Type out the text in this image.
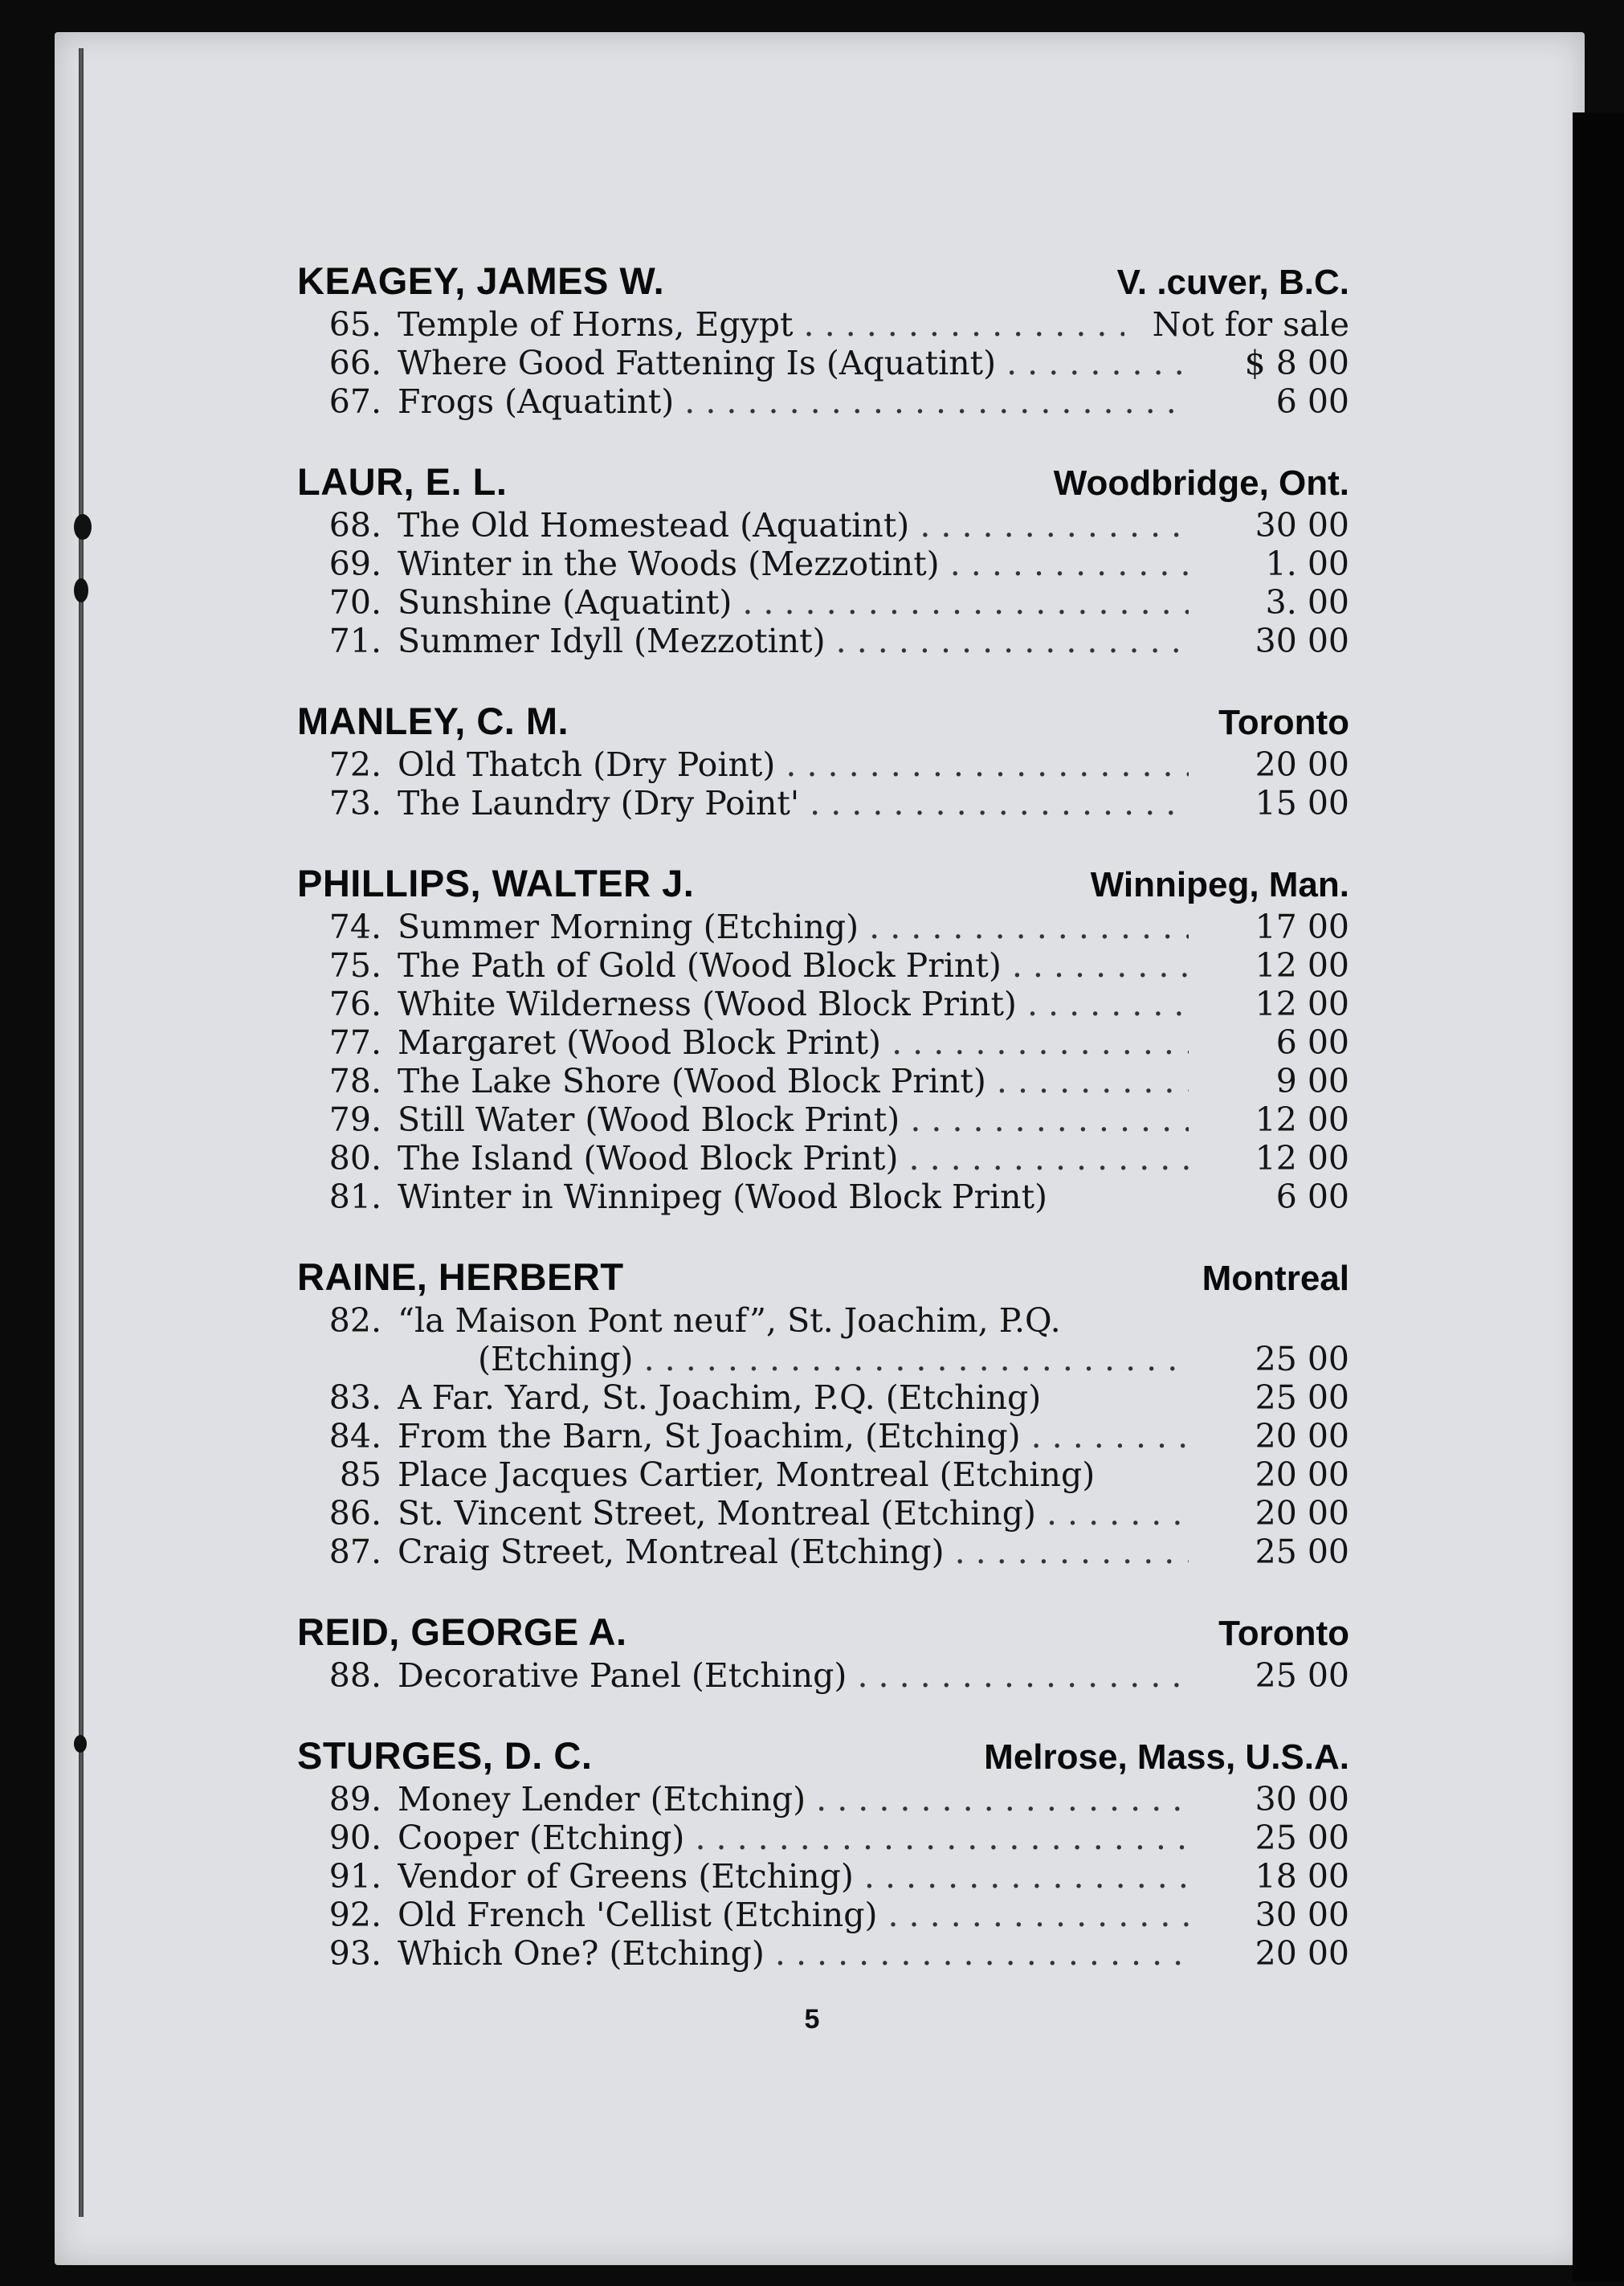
KEAGEY, JAMES W.	V. .cuver, B.C.
65. Temple of Horns, Egypt . . .	Not for sale
66. Where Good Fattening Is (Aquatint) . . .	$ 8 00
67. Frogs (Aquatint) . . .	6 00
LAUR, E. L.	Woodbridge, Ont.
68. The Old Homestead (Aquatint) . . .	30 00
69. Winter in the Woods (Mezzotint) . . .	1. 00
70. Sunshine (Aquatint) . . .	3. 00
71. Summer Idyll (Mezzotint) . . .	30 00
MANLEY, C. M.	Toronto
72. Old Thatch (Dry Point) . . .	20 00
73. The Laundry (Dry Point' . . .	15 00
PHILLIPS, WALTER J.	Winnipeg, Man.
74. Summer Morning (Etching) . . .	17 00
75. The Path of Gold (Wood Block Print) . . .	12 00
76. White Wilderness (Wood Block Print) . . .	12 00
77. Margaret (Wood Block Print) . . .	6 00
78. The Lake Shore (Wood Block Print) . . .	9 00
79. Still Water (Wood Block Print) . . .	12 00
80. The Island (Wood Block Print) . . .	12 00
81. Winter in Winnipeg (Wood Block Print)	6 00
RAINE, HERBERT	Montreal
82. “la Maison Pont neuf”, St. Joachim, P.Q.
(Etching) . . .	25 00
83. A Far. Yard, St. Joachim, P.Q. (Etching)	25 00
84. From the Barn, St Joachim, (Etching) . . .	20 00
85 Place Jacques Cartier, Montreal (Etching)	20 00
86. St. Vincent Street, Montreal (Etching) . . .	20 00
87. Craig Street, Montreal (Etching) . . .	25 00
REID, GEORGE A.	Toronto
88. Decorative Panel (Etching) . . .	25 00
STURGES, D. C.	Melrose, Mass, U.S.A.
89. Money Lender (Etching) . . .	30 00
90. Cooper (Etching) . . .	25 00
91. Vendor of Greens (Etching) . . .	18 00
92. Old French 'Cellist (Etching) . . .	30 00
93. Which One? (Etching) . . .	20 00
5
